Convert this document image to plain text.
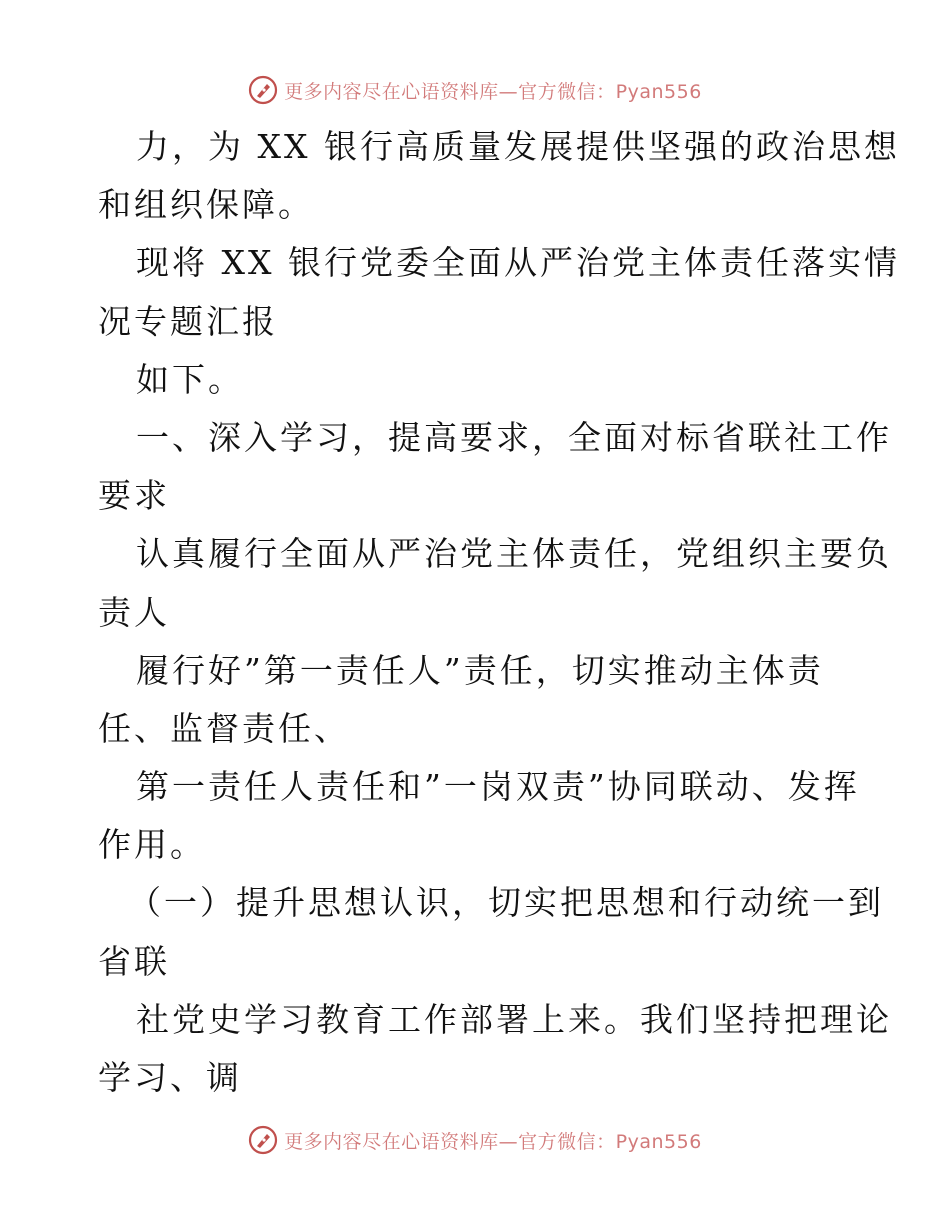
更多内容尽在心语资料库—官方微信：Pyan556
力，为 XX 银行高质量发展提供坚强的政治思想
和组织保障。
现将 XX 银行党委全面从严治党主体责任落实情
况专题汇报
如下。
一、深入学习，提高要求，全面对标省联社工作
要求
认真履行全面从严治党主体责任，党组织主要负
责人
履行好”第一责任人”责任，切实推动主体责
任、监督责任、
第一责任人责任和”一岗双责”协同联动、发挥
作用。
（一）提升思想认识，切实把思想和行动统一到
省联
社党史学习教育工作部署上来。我们坚持把理论
学习、调
更多内容尽在心语资料库—官方微信：Pyan556
